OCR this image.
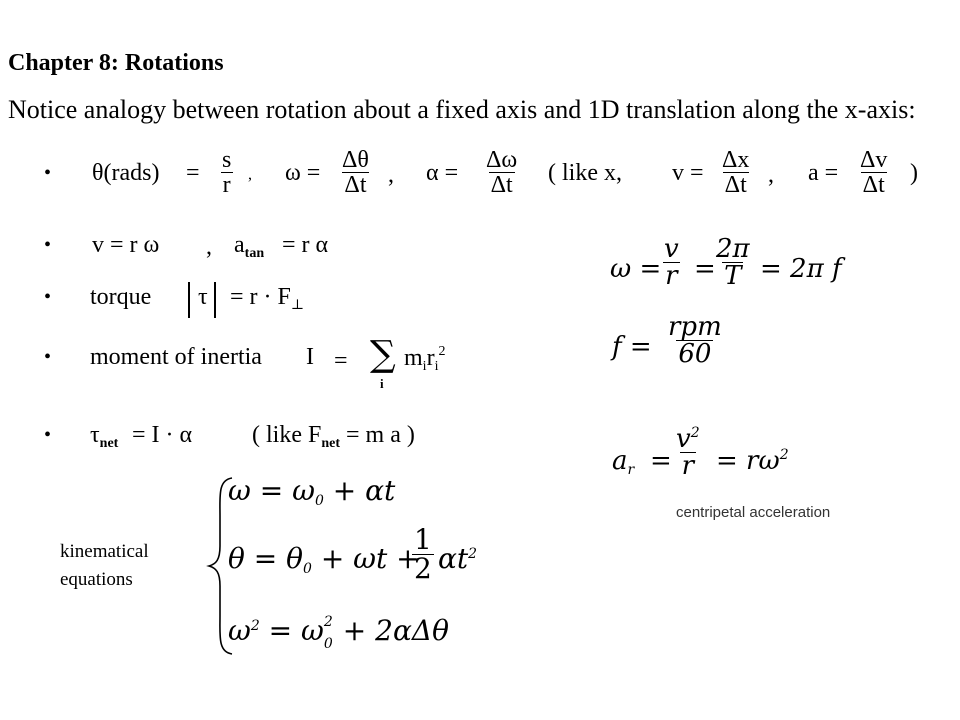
Chapter 8: Rotations
Notice analogy between rotation about a fixed axis and 1D translation along the x-axis:
• θ(rads) = $\frac{s}{r}$ , $\omega = \frac{\Delta\theta}{\Delta t}$ , $\alpha = \frac{\Delta\omega}{\Delta t}$ ( like x, $v = \frac{\Delta x}{\Delta t}$ , $a = \frac{\Delta v}{\Delta t}$ )
• v = r ω , $a_{tan} = r$ α
• torque $\tau = r \cdot F_\perp$
• moment of inertia I = ∑
i
$m_ir_i^2$
• $\tau_{net} = I \cdot \alpha$ ( like $F_{net} = m$ a )
$\omega = \frac{v}{r}$ =
$\frac{2\pi}{T} = 2\pi$ f
f =
rpm
60
$a_r = \frac{v^2}{r} = r\omega^2$
centripetal acceleration
kinematical
equations
$\omega = \omega_0 + \alpha t$
$\theta = \theta_0 + \omega t$ +
$\frac{1}{2} \alpha t^2$
$\omega^2 = \omega$ 2
0 + 2αΔθ
